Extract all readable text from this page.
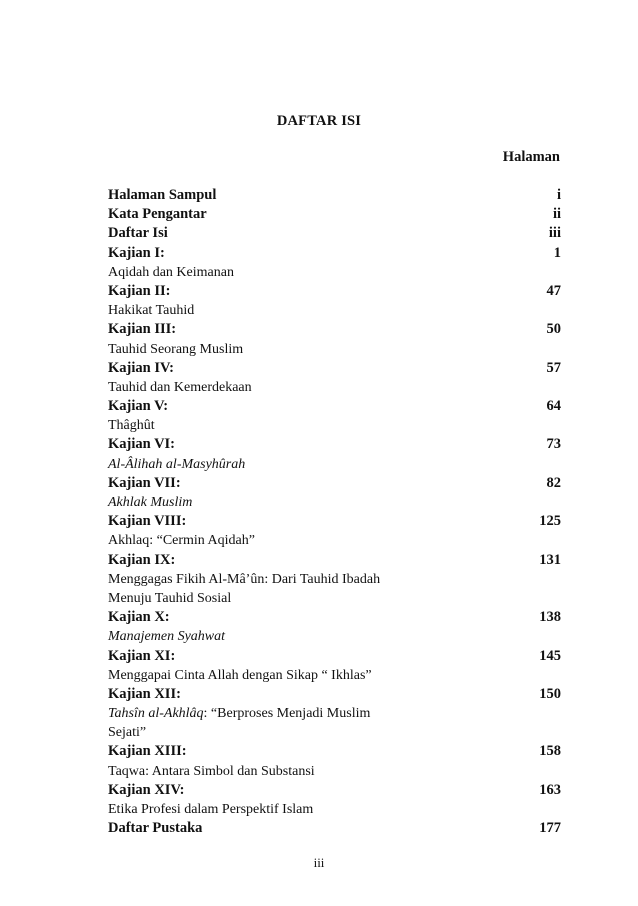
DAFTAR ISI
Halaman
Halaman Sampul	i
Kata Pengantar	ii
Daftar Isi	iii
Kajian I:	1
Aqidah dan Keimanan
Kajian II:	47
Hakikat Tauhid
Kajian III:	50
Tauhid Seorang Muslim
Kajian IV:	57
Tauhid dan Kemerdekaan
Kajian V:	64
Thâghût
Kajian VI:	73
Al-Âlihah al-Masyhûrah
Kajian VII:	82
Akhlak Muslim
Kajian VIII:	125
Akhlaq: “Cermin Aqidah”
Kajian IX:	131
Menggagas Fikih Al-Mâ’ûn: Dari Tauhid Ibadah
Menuju Tauhid Sosial
Kajian X:	138
Manajemen Syahwat
Kajian XI:	145
Menggapai Cinta Allah dengan Sikap “ Ikhlas”
Kajian XII:	150
Tahsîn al-Akhlâq: “Berproses Menjadi Muslim
Sejati”
Kajian XIII:	158
Taqwa: Antara Simbol dan Substansi
Kajian XIV:	163
Etika Profesi dalam Perspektif Islam
Daftar Pustaka	177
iii
